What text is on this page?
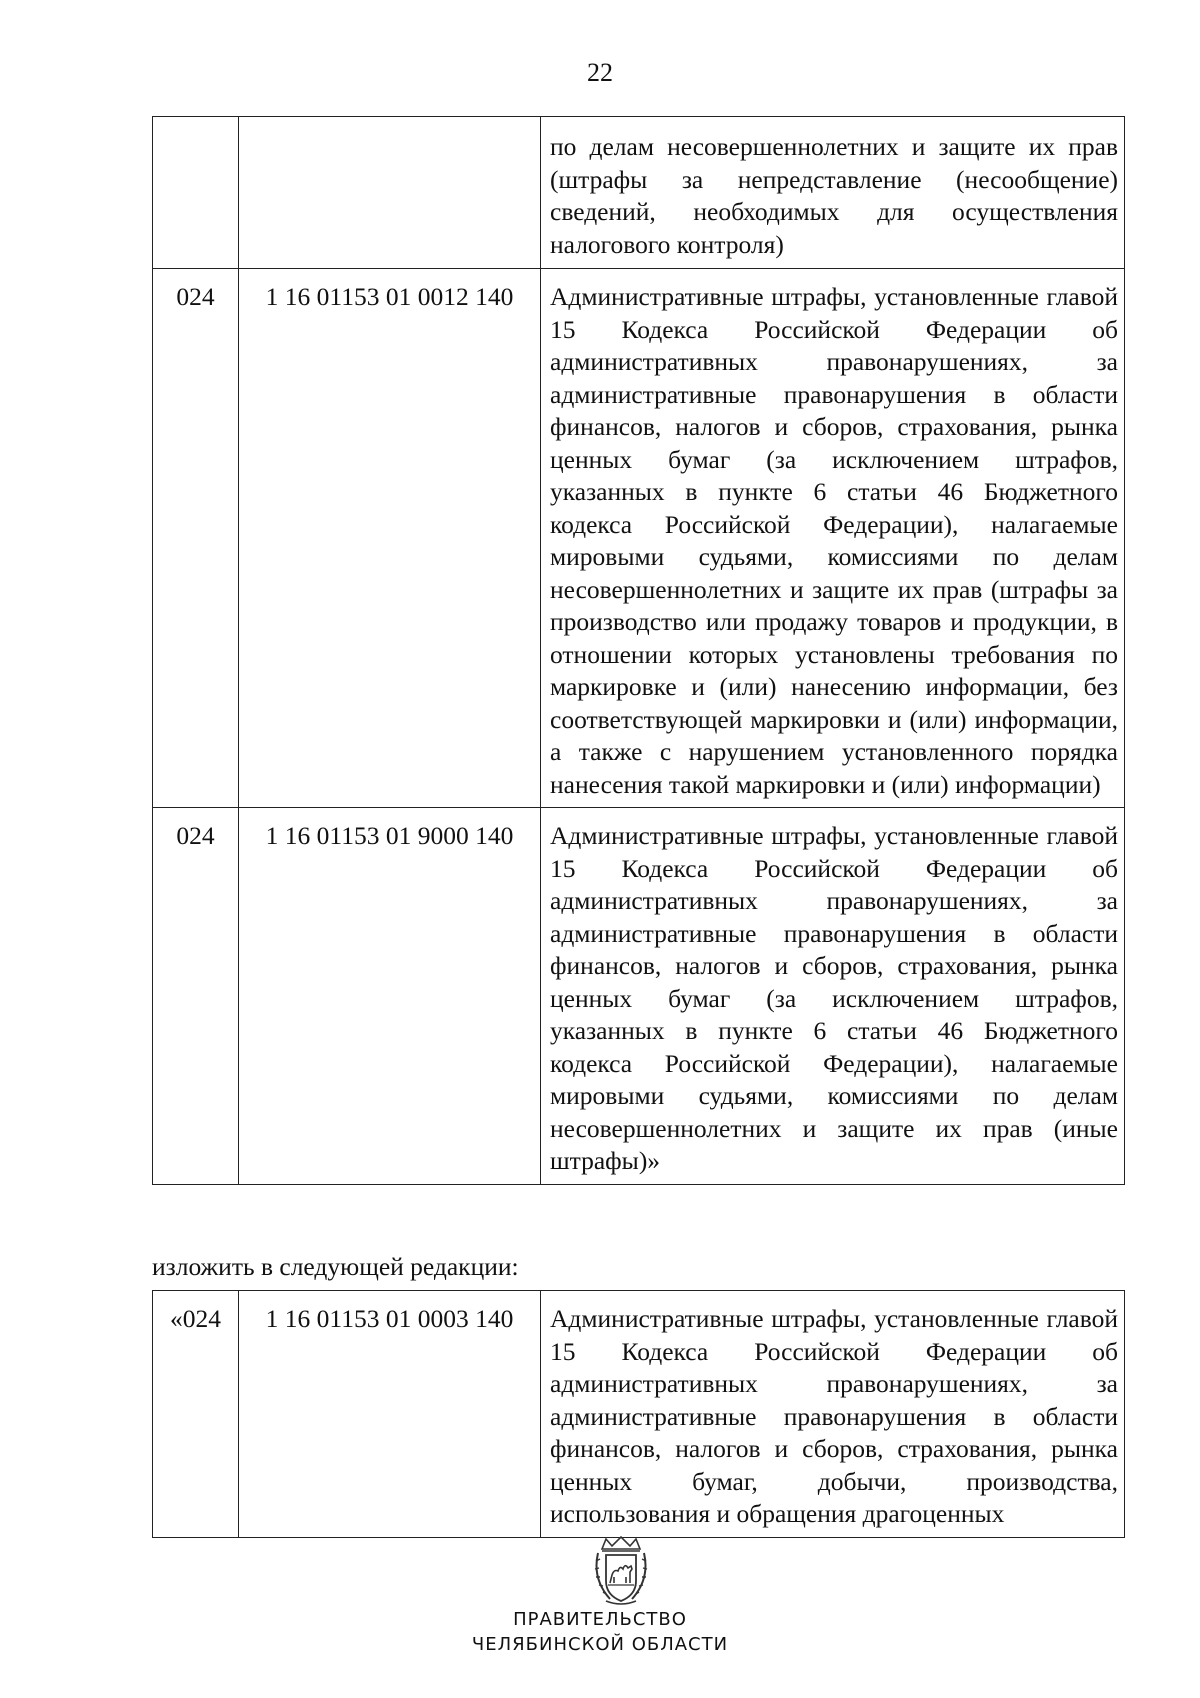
22
		по делам несовершеннолетних и защите их прав (штрафы за непредставление (несообщение) сведений, необходимых для осуществления налогового контроля)
024	1 16 01153 01 0012 140	Административные штрафы, установленные главой 15 Кодекса Российской Федерации об административных правонарушениях, за административные правонарушения в области финансов, налогов и сборов, страхования, рынка ценных бумаг (за исключением штрафов, указанных в пункте 6 статьи 46 Бюджетного кодекса Российской Федерации), налагаемые мировыми судьями, комиссиями по делам несовершеннолетних и защите их прав (штрафы за производство или продажу товаров и продукции, в отношении которых установлены требования по маркировке и (или) нанесению информации, без соответствующей маркировки и (или) информации, а также с нарушением установленного порядка нанесения такой маркировки и (или) информации)
024	1 16 01153 01 9000 140	Административные штрафы, установленные главой 15 Кодекса Российской Федерации об административных правонарушениях, за административные правонарушения в области финансов, налогов и сборов, страхования, рынка ценных бумаг (за исключением штрафов, указанных в пункте 6 статьи 46 Бюджетного кодекса Российской Федерации), налагаемые мировыми судьями, комиссиями по делам несовершеннолетних и защите их прав (иные штрафы)»
изложить в следующей редакции:
«024	1 16 01153 01 0003 140	Административные штрафы, установленные главой 15 Кодекса Российской Федерации об административных правонарушениях, за административные правонарушения в области финансов, налогов и сборов, страхования, рынка ценных бумаг, добычи, производства, использования и обращения драгоценных
ПРАВИТЕЛЬСТВО
ЧЕЛЯБИНСКОЙ ОБЛАСТИ
